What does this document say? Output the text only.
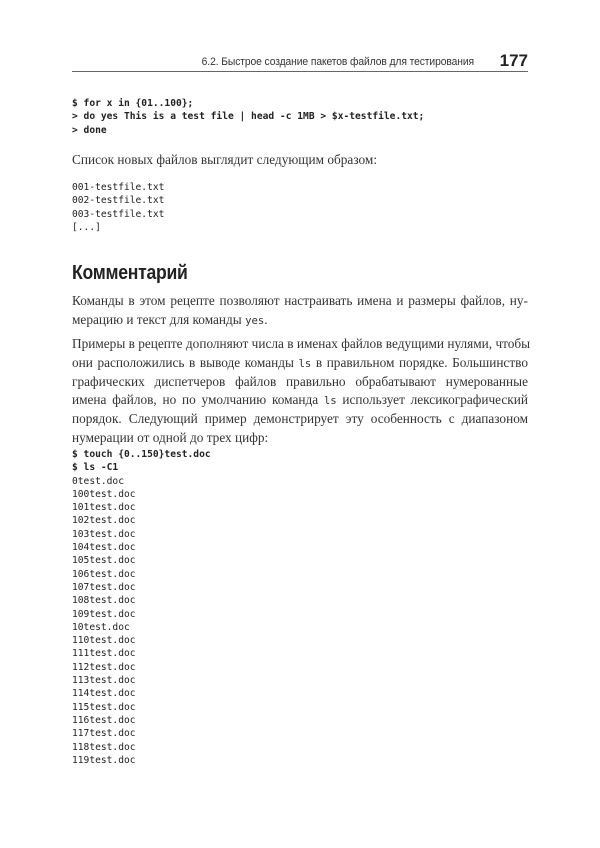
6.2. Быстрое создание пакетов файлов для тестирования 177
$ for x in {01..100};
> do yes This is a test file | head -c 1MB > $x-testfile.txt;
> done

Список новых файлов выглядит следующим образом:

001-testfile.txt
002-testfile.txt
003-testfile.txt
[...]
Комментарий

Команды в этом рецепте позволяют настраивать имена и размеры файлов, ну-
мерацию и текст для команды yes.

Примеры в рецепте дополняют числа в именах файлов ведущими нулями, чтобы
они расположились в выводе команды ls в правильном порядке. Большинство
графических диспетчеров файлов правильно обрабатывают нумерованные
имена файлов, но по умолчанию команда ls использует лексикографический
порядок. Следующий пример демонстрирует эту особенность с диапазоном
нумерации от одной до трех цифр:

$ touch {0..150}test.doc
$ ls -C1
0test.doc
100test.doc
101test.doc
102test.doc
103test.doc
104test.doc
105test.doc
106test.doc
107test.doc
108test.doc
109test.doc
10test.doc
110test.doc
111test.doc
112test.doc
113test.doc
114test.doc
115test.doc
116test.doc
117test.doc
118test.doc
119test.doc
